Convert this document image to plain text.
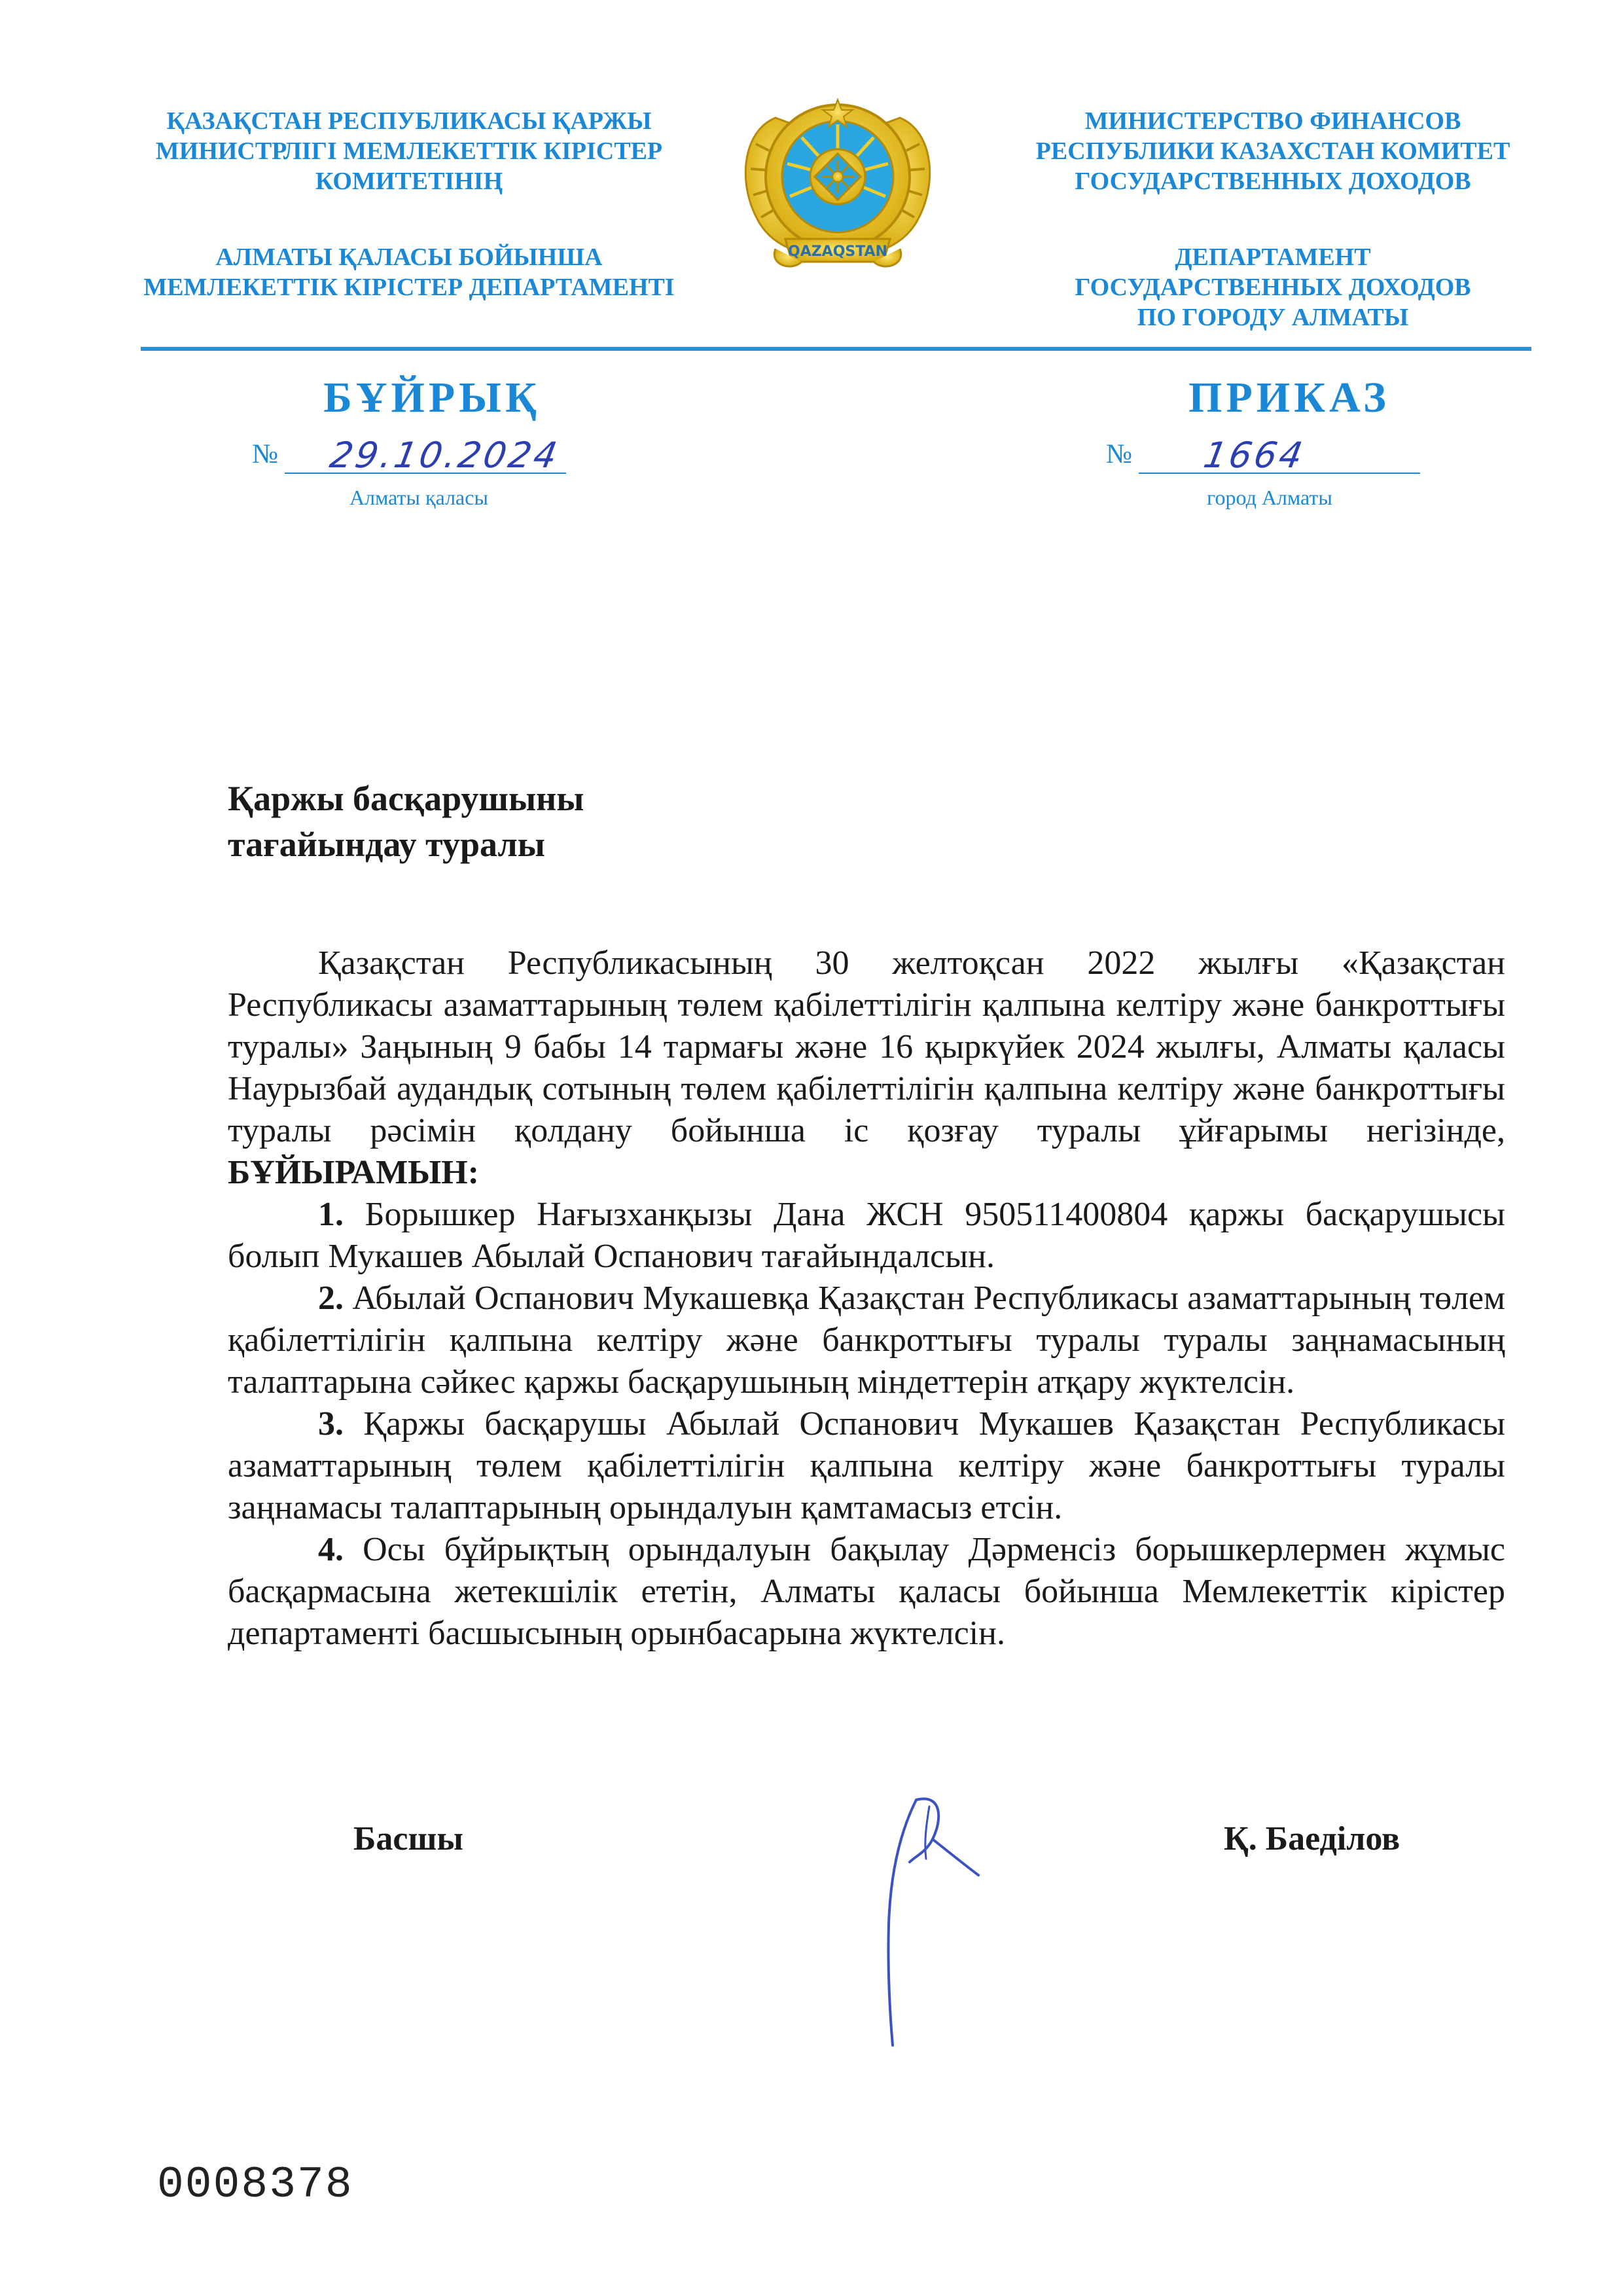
ҚАЗАҚСТАН РЕСПУБЛИКАСЫ ҚАРЖЫ
МИНИСТРЛІГІ МЕМЛЕКЕТТІК КІРІСТЕР
КОМИТЕТІНІҢ
АЛМАТЫ ҚАЛАСЫ БОЙЫНША
МЕМЛЕКЕТТІК КІРІСТЕР ДЕПАРТАМЕНТІ
QAZAQSTAN
МИНИСТЕРСТВО ФИНАНСОВ
РЕСПУБЛИКИ КАЗАХСТАН КОМИТЕТ
ГОСУДАРСТВЕННЫХ ДОХОДОВ
ДЕПАРТАМЕНТ
ГОСУДАРСТВЕННЫХ ДОХОДОВ
ПО ГОРОДУ АЛМАТЫ
БҰЙРЫҚ	ПРИКАЗ
№ 29.10.2024	№ 1664
Алматы қаласы	город Алматы
Қаржы басқарушыны
тағайындау туралы

Қазақстан Республикасының 30 желтоқсан 2022 жылғы «Қазақстан Республикасы азаматтарының төлем қабілеттілігін қалпына келтіру және банкроттығы туралы» Заңының 9 бабы 14 тармағы және 16 қыркүйек 2024 жылғы, Алматы қаласы Наурызбай аудандық сотының төлем қабілеттілігін қалпына келтіру және банкроттығы туралы рәсімін қолдану бойынша іс қозғау туралы ұйғарымы негізінде, БҰЙЫРАМЫН:

1. Борышкер Нағызханқызы Дана ЖСН 950511400804 қаржы басқарушысы болып Мукашев Абылай Оспанович тағайындалсын.

2. Абылай Оспанович Мукашевқа Қазақстан Республикасы азаматтарының төлем қабілеттілігін қалпына келтіру және банкроттығы туралы туралы заңнамасының талаптарына сәйкес қаржы басқарушының міндеттерін атқару жүктелсін.

3. Қаржы басқарушы Абылай Оспанович Мукашев Қазақстан Республикасы азаматтарының төлем қабілеттілігін қалпына келтіру және банкроттығы туралы заңнамасы талаптарының орындалуын қамтамасыз етсін.

4. Осы бұйрықтың орындалуын бақылау Дәрменсіз борышкерлермен жұмыс басқармасына жетекшілік ететін, Алматы қаласы бойынша Мемлекеттік кірістер департаменті басшысының орынбасарына жүктелсін.

Басшы	Қ. Баеділов
0008378
